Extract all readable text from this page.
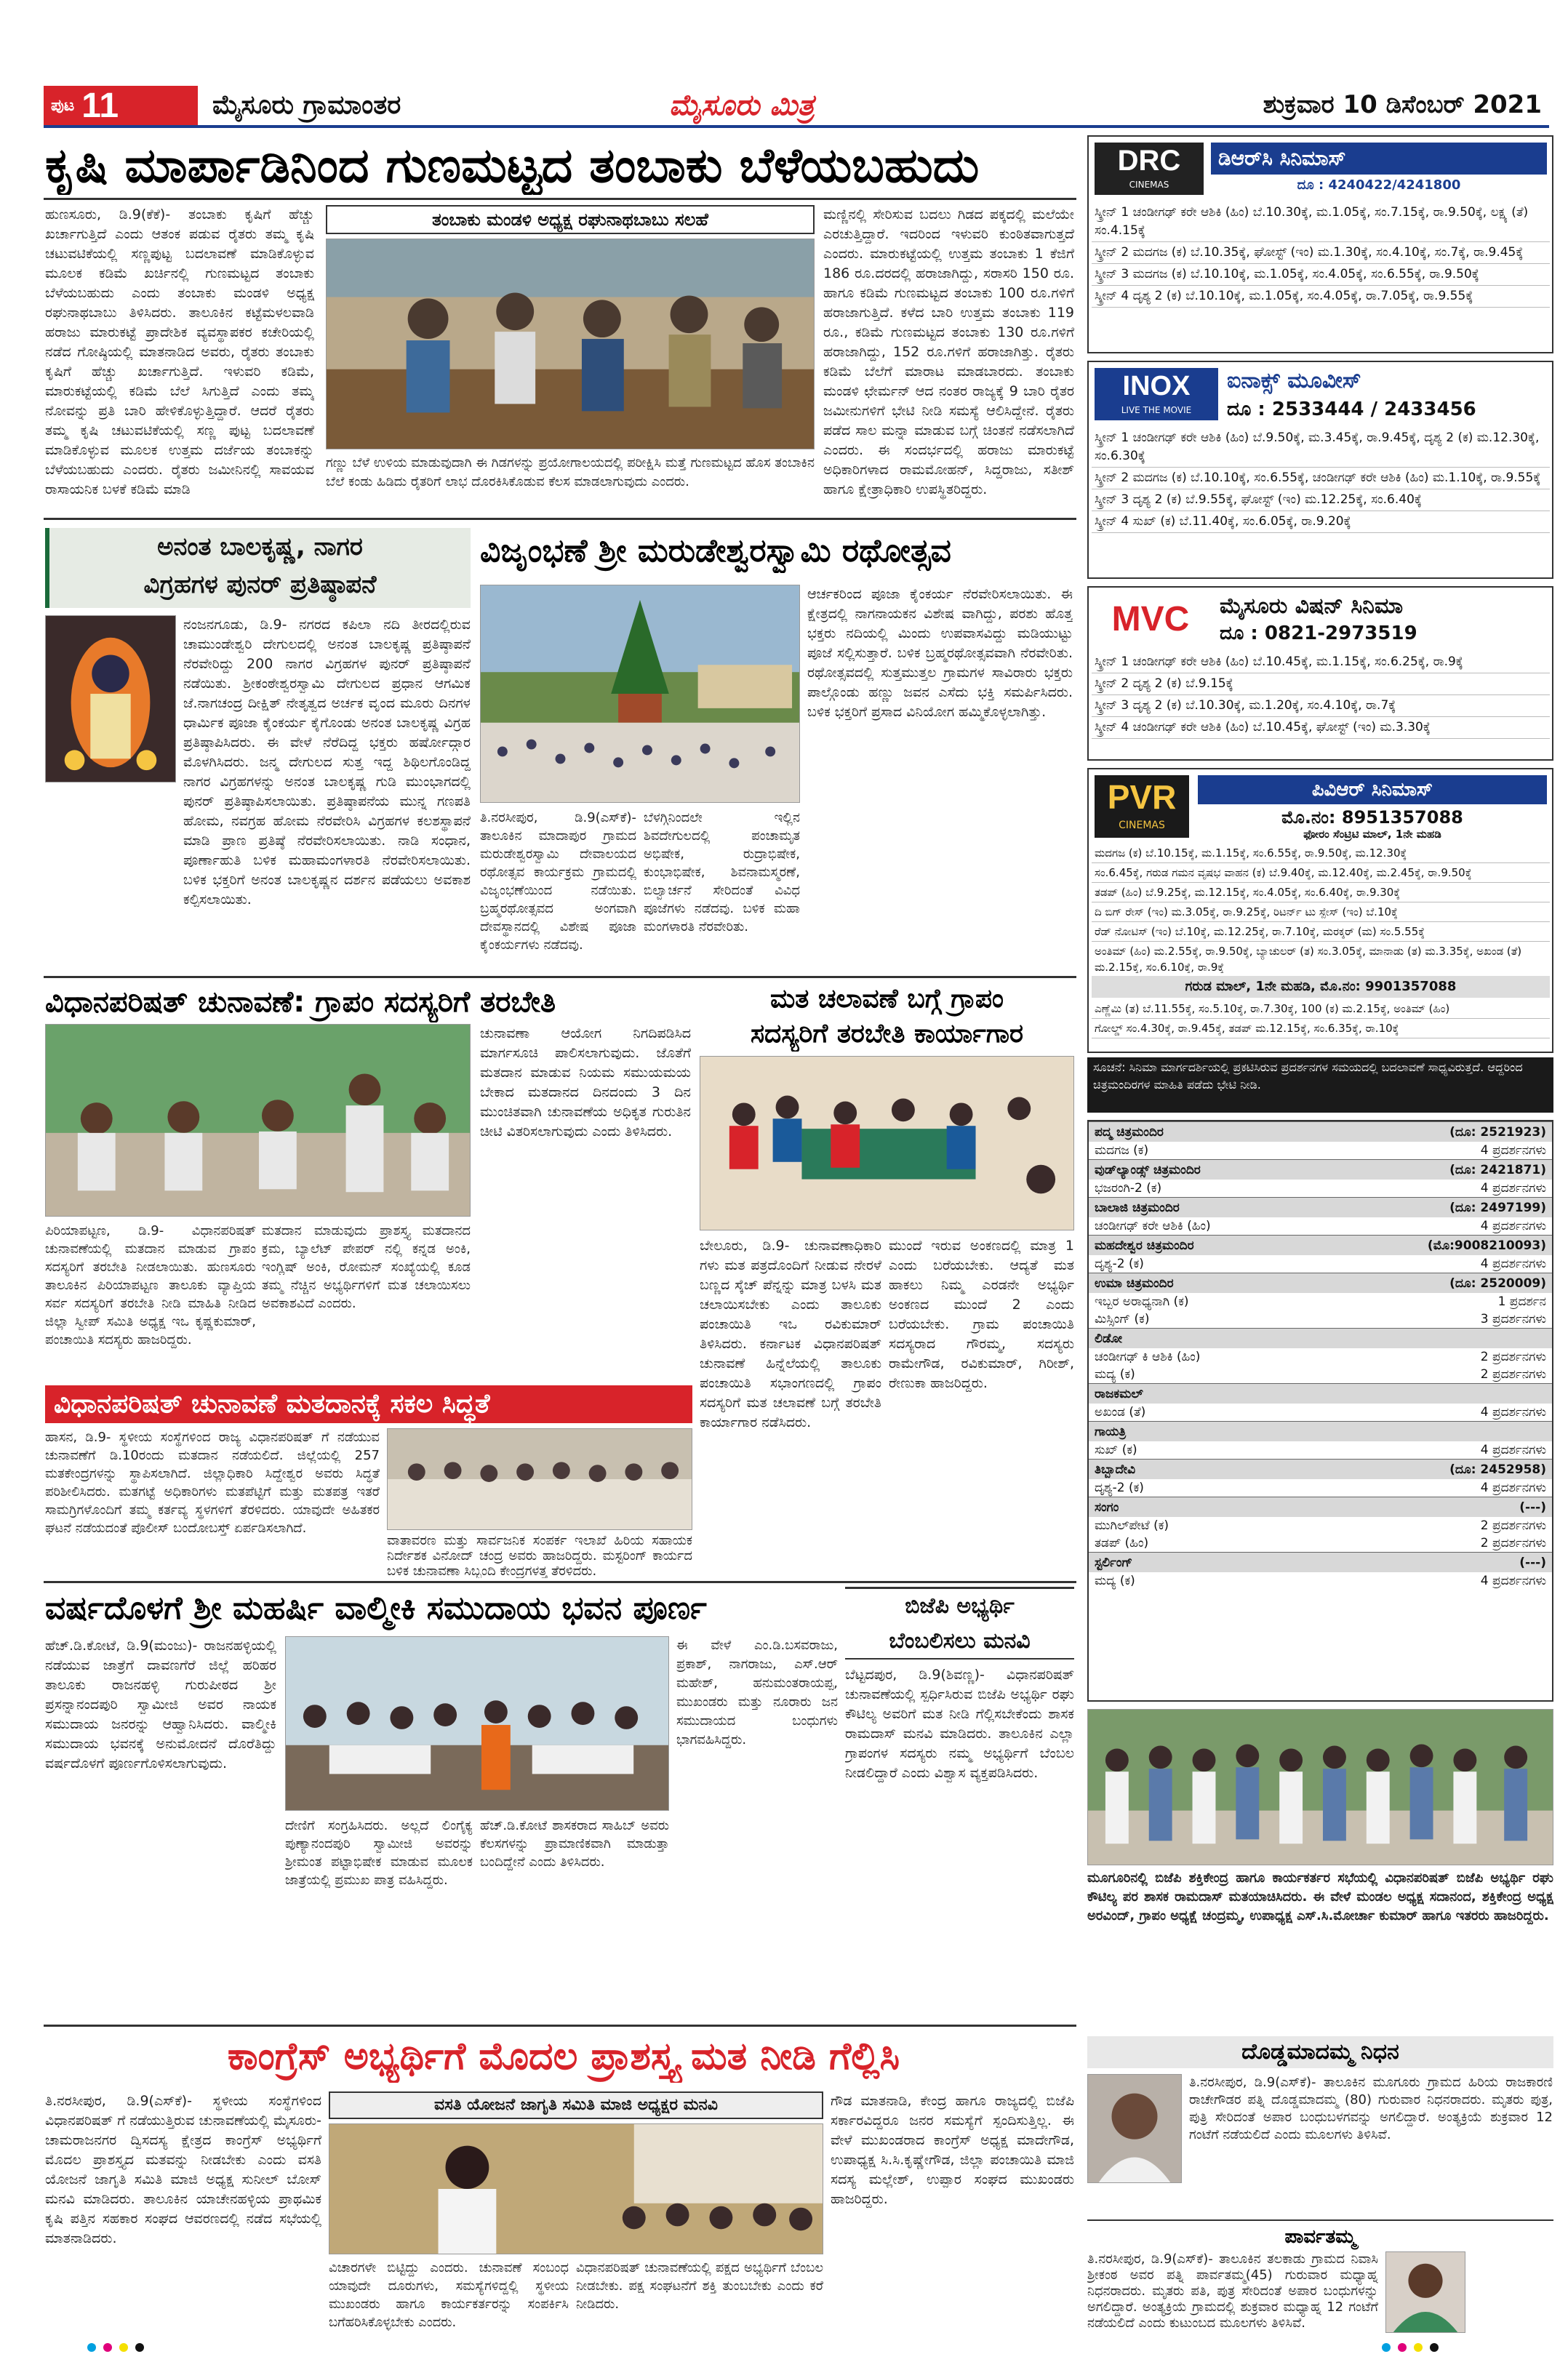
ಪುಟ 11	ಮೈಸೂರು ಗ್ರಾಮಾಂತರ	ಮೈಸೂರು ಮಿತ್ರ	ಶುಕ್ರವಾರ 10 ಡಿಸೆಂಬರ್ 2021
ಕೃಷಿ ಮಾರ್ಪಾಡಿನಿಂದ ಗುಣಮಟ್ಟದ ತಂಬಾಕು ಬೆಳೆಯಬಹುದು
ಹುಣಸೂರು, ಡಿ.9(ಕೆಕೆ)- ತಂಬಾಕು ಕೃಷಿಗೆ ಹೆಚ್ಚು ಖರ್ಚಾಗುತ್ತಿದೆ ಎಂದು ಆತಂಕ ಪಡುವ ರೈತರು ತಮ್ಮ ಕೃಷಿ ಚಟುವಟಿಕೆಯಲ್ಲಿ ಸಣ್ಣಪುಟ್ಟ ಬದಲಾವಣೆ ಮಾಡಿಕೊಳ್ಳುವ ಮೂಲಕ ಕಡಿಮೆ ಖರ್ಚಿನಲ್ಲಿ ಗುಣಮಟ್ಟದ ತಂಬಾಕು ಬೆಳೆಯಬಹುದು ಎಂದು ತಂಬಾಕು ಮಂಡಳಿ ಅಧ್ಯಕ್ಷ ರಘುನಾಥಬಾಬು ತಿಳಿಸಿದರು. ತಾಲೂಕಿನ ಕಟ್ಟೆಮಳಲವಾಡಿ ಹರಾಜು ಮಾರುಕಟ್ಟೆ ಪ್ರಾದೇಶಿಕ ವ್ಯವಸ್ಥಾಪಕರ ಕಚೇರಿಯಲ್ಲಿ ನಡೆದ ಗೋಷ್ಠಿಯಲ್ಲಿ ಮಾತನಾಡಿದ ಅವರು, ರೈತರು ತಂಬಾಕು ಕೃಷಿಗೆ ಹೆಚ್ಚು ಖರ್ಚಾಗುತ್ತಿದೆ. ಇಳುವರಿ ಕಡಿಮೆ, ಮಾರುಕಟ್ಟೆಯಲ್ಲಿ ಕಡಿಮೆ ಬೆಲೆ ಸಿಗುತ್ತಿದೆ ಎಂದು ತಮ್ಮ ನೋವನ್ನು ಪ್ರತಿ ಬಾರಿ ಹೇಳಿಕೊಳ್ಳುತ್ತಿದ್ದಾರೆ. ಆದರೆ ರೈತರು ತಮ್ಮ ಕೃಷಿ ಚಟುವಟಿಕೆಯಲ್ಲಿ ಸಣ್ಣ ಪುಟ್ಟ ಬದಲಾವಣೆ ಮಾಡಿಕೊಳ್ಳುವ ಮೂಲಕ ಉತ್ತಮ ದರ್ಜೆಯ ತಂಬಾಕನ್ನು ಬೆಳೆಯಬಹುದು ಎಂದರು. ರೈತರು ಜಮೀನಿನಲ್ಲಿ ಸಾವಯವ ರಾಸಾಯನಿಕ ಬಳಕೆ ಕಡಿಮೆ ಮಾಡಿ
ತಂಬಾಕು ಮಂಡಳಿ ಅಧ್ಯಕ್ಷ ರಘುನಾಥಬಾಬು ಸಲಹೆ
ಗಣ್ಣು ಬೆಳೆ ಉಳಿಯ ಮಾಡುವುದಾಗಿ ಈ ಗಿಡಗಳನ್ನು ಪ್ರಯೋಗಾಲಯದಲ್ಲಿ ಪರೀಕ್ಷಿಸಿ ಮತ್ತೆ ಗುಣಮಟ್ಟದ ಹೊಸ ತಂಬಾಕಿನ ಬೆಲೆ ಕಂಡು ಹಿಡಿದು ರೈತರಿಗೆ ಲಾಭ ದೊರಕಿಸಿಕೊಡುವ ಕೆಲಸ ಮಾಡಲಾಗುವುದು ಎಂದರು.
ಮಣ್ಣಿನಲ್ಲಿ ಸೇರಿಸುವ ಬದಲು ಗಿಡದ ಪಕ್ಕದಲ್ಲಿ ಮಲೆಯೇ ಎರಚುತ್ತಿದ್ದಾರೆ. ಇದರಿಂದ ಇಳುವರಿ ಕುಂಠಿತವಾಗುತ್ತದೆ ಎಂದರು. ಮಾರುಕಟ್ಟೆಯಲ್ಲಿ ಉತ್ತಮ ತಂಬಾಕು 1 ಕೆಜಿಗೆ 186 ರೂ.ದರದಲ್ಲಿ ಹರಾಜಾಗಿದ್ದು, ಸರಾಸರಿ 150 ರೂ. ಹಾಗೂ ಕಡಿಮೆ ಗುಣಮಟ್ಟದ ತಂಬಾಕು 100 ರೂ.ಗಳಿಗೆ ಹರಾಜಾಗುತ್ತಿದೆ. ಕಳೆದ ಬಾರಿ ಉತ್ತಮ ತಂಬಾಕು 119 ರೂ., ಕಡಿಮೆ ಗುಣಮಟ್ಟದ ತಂಬಾಕು 130 ರೂ.ಗಳಿಗೆ ಹರಾಜಾಗಿದ್ದು, 152 ರೂ.ಗಳಿಗೆ ಹರಾಜಾಗಿತ್ತು. ರೈತರು ಕಡಿಮೆ ಬೆಲೆಗೆ ಮಾರಾಟ ಮಾಡಬಾರದು. ತಂಬಾಕು ಮಂಡಳಿ ಛೇರ್ಮನ್ ಆದ ನಂತರ ರಾಜ್ಯಕ್ಕೆ 9 ಬಾರಿ ರೈತರ ಜಮೀನುಗಳಿಗೆ ಭೇಟಿ ನೀಡಿ ಸಮಸ್ಯೆ ಆಲಿಸಿದ್ದೇನೆ. ರೈತರು ಪಡೆದ ಸಾಲ ಮನ್ನಾ ಮಾಡುವ ಬಗ್ಗೆ ಚಿಂತನೆ ನಡೆಸಲಾಗಿದೆ ಎಂದರು. ಈ ಸಂದರ್ಭದಲ್ಲಿ ಹರಾಜು ಮಾರುಕಟ್ಟೆ ಅಧಿಕಾರಿಗಳಾದ ರಾಮಮೋಹನ್, ಸಿದ್ದರಾಜು, ಸತೀಶ್ ಹಾಗೂ ಕ್ಷೇತ್ರಾಧಿಕಾರಿ ಉಪಸ್ಥಿತರಿದ್ದರು.
ಅನಂತ ಬಾಲಕೃಷ್ಣ, ನಾಗರ
ವಿಗ್ರಹಗಳ ಪುನರ್ ಪ್ರತಿಷ್ಠಾಪನೆ
ನಂಜನಗೂಡು, ಡಿ.9- ನಗರದ ಕಪಿಲಾ ನದಿ ತೀರದಲ್ಲಿರುವ ಚಾಮುಂಡೇಶ್ವರಿ ದೇಗುಲದಲ್ಲಿ ಅನಂತ ಬಾಲಕೃಷ್ಣ ಪ್ರತಿಷ್ಠಾಪನೆ ನೆರವೇರಿದ್ದು 200 ನಾಗರ ವಿಗ್ರಹಗಳ ಪುನರ್ ಪ್ರತಿಷ್ಠಾಪನೆ ನಡೆಯಿತು. ಶ್ರೀಕಂಠೇಶ್ವರಸ್ವಾಮಿ ದೇಗುಲದ ಪ್ರಧಾನ ಆಗಮಿಕ ಜೆ.ನಾಗಚಂದ್ರ ದೀಕ್ಷಿತ್ ನೇತೃತ್ವದ ಅರ್ಚಕ ವೃಂದ ಮೂರು ದಿನಗಳ ಧಾರ್ಮಿಕ ಪೂಜಾ ಕೈಂಕರ್ಯ ಕೈಗೊಂಡು ಅನಂತ ಬಾಲಕೃಷ್ಣ ವಿಗ್ರಹ ಪ್ರತಿಷ್ಠಾಪಿಸಿದರು. ಈ ವೇಳೆ ನೆರೆದಿದ್ದ ಭಕ್ತರು ಹರ್ಷೋದ್ಗಾರ ಮೊಳಗಿಸಿದರು. ಜನ್ಮ ದೇಗುಲದ ಸುತ್ತ ಇದ್ದ ಶಿಥಿಲಗೊಂಡಿದ್ದ ನಾಗರ ವಿಗ್ರಹಗಳನ್ನು ಅನಂತ ಬಾಲಕೃಷ್ಣ ಗುಡಿ ಮುಂಭಾಗದಲ್ಲಿ ಪುನರ್ ಪ್ರತಿಷ್ಠಾಪಿಸಲಾಯಿತು. ಪ್ರತಿಷ್ಠಾಪನೆಯ ಮುನ್ನ ಗಣಪತಿ ಹೋಮ, ನವಗ್ರಹ ಹೋಮ ನೆರವೇರಿಸಿ ವಿಗ್ರಹಗಳ ಕಲಶಸ್ಥಾಪನೆ ಮಾಡಿ ಪ್ರಾಣ ಪ್ರತಿಷ್ಠೆ ನೆರವೇರಿಸಲಾಯಿತು. ನಾಡಿ ಸಂಧಾನ, ಪೂರ್ಣಾಹುತಿ ಬಳಿಕ ಮಹಾಮಂಗಳಾರತಿ ನೆರವೇರಿಸಲಾಯಿತು. ಬಳಿಕ ಭಕ್ತರಿಗೆ ಅನಂತ ಬಾಲಕೃಷ್ಣನ ದರ್ಶನ ಪಡೆಯಲು ಅವಕಾಶ ಕಲ್ಪಿಸಲಾಯಿತು.
ವಿಜೃಂಭಣೆ ಶ್ರೀ ಮರುಡೇಶ್ವರಸ್ವಾಮಿ ರಥೋತ್ಸವ
ತಿ.ನರಸೀಪುರ, ಡಿ.9(ಎಸ್‌ಕೆ)- ತಾಲೂಕಿನ ಮಾದಾಪುರ ಗ್ರಾಮದ ಮರುಡೇಶ್ವರಸ್ವಾಮಿ ದೇವಾಲಯದ ರಥೋತ್ಸವ ಕಾರ್ಯಕ್ರಮ ಗ್ರಾಮದಲ್ಲಿ ವಿಜೃಂಭಣೆಯಿಂದ ನಡೆಯಿತು. ಬ್ರಹ್ಮರಥೋತ್ಸವದ ಅಂಗವಾಗಿ ದೇವಸ್ಥಾನದಲ್ಲಿ ವಿಶೇಷ ಪೂಜಾ ಕೈಂಕರ್ಯಗಳು ನಡೆದವು.
ಬೆಳಗ್ಗಿನಿಂದಲೇ ಇಲ್ಲಿನ ಶಿವದೇಗುಲದಲ್ಲಿ ಪಂಚಾಮೃತ ಅಭಿಷೇಕ, ರುದ್ರಾಭಿಷೇಕ, ಕುಂಭಾಭಿಷೇಕ, ಶಿವನಾಮಸ್ಮರಣೆ, ಬಿಲ್ವಾರ್ಚನೆ ಸೇರಿದಂತೆ ವಿವಿಧ ಪೂಜೆಗಳು ನಡೆದವು. ಬಳಿಕ ಮಹಾ ಮಂಗಳಾರತಿ ನೆರವೇರಿತು.
ಆರ್ಚಕರಿಂದ ಪೂಜಾ ಕೈಂಕರ್ಯ ನೆರವೇರಿಸಲಾಯಿತು. ಈ ಕ್ಷೇತ್ರದಲ್ಲಿ ನಾಗನಾಯಕನ ವಿಶೇಷ ವಾಗಿದ್ದು, ಪರಶು ಹೊತ್ತ ಭಕ್ತರು ನದಿಯಲ್ಲಿ ಮಿಂದು ಉಪವಾಸವಿದ್ದು ಮಡಿಯುಟ್ಟು ಪೂಜೆ ಸಲ್ಲಿಸುತ್ತಾರೆ. ಬಳಿಕ ಬ್ರಹ್ಮರಥೋತ್ಸವವಾಗಿ ನೆರವೇರಿತು. ರಥೋತ್ಸವದಲ್ಲಿ ಸುತ್ತಮುತ್ತಲ ಗ್ರಾಮಗಳ ಸಾವಿರಾರು ಭಕ್ತರು ಪಾಲ್ಗೊಂಡು ಹಣ್ಣು ಜವನ ಎಸೆದು ಭಕ್ತಿ ಸಮರ್ಪಿಸಿದರು. ಬಳಿಕ ಭಕ್ತರಿಗೆ ಪ್ರಸಾದ ವಿನಿಯೋಗ ಹಮ್ಮಿಕೊಳ್ಳಲಾಗಿತ್ತು.
ವಿಧಾನಪರಿಷತ್ ಚುನಾವಣೆ: ಗ್ರಾಪಂ ಸದಸ್ಯರಿಗೆ ತರಬೇತಿ
ಪಿರಿಯಾಪಟ್ಟಣ, ಡಿ.9- ವಿಧಾನಪರಿಷತ್ ಚುನಾವಣೆಯಲ್ಲಿ ಮತದಾನ ಮಾಡುವ ಗ್ರಾಪಂ ಸದಸ್ಯರಿಗೆ ತರಬೇತಿ ನೀಡಲಾಯಿತು. ಹುಣಸೂರು ತಾಲೂಕಿನ ಪಿರಿಯಾಪಟ್ಟಣ ತಾಲೂಕು ವ್ಯಾಪ್ತಿಯ ಸರ್ವ ಸದಸ್ಯರಿಗೆ ತರಬೇತಿ ನೀಡಿ ಮಾಹಿತಿ ನೀಡಿದ ಜಿಲ್ಲಾ ಸ್ವೀಪ್ ಸಮಿತಿ ಅಧ್ಯಕ್ಷ ಇಒ ಕೃಷ್ಣಕುಮಾರ್, ಪಂಚಾಯಿತಿ ಸದಸ್ಯರು ಹಾಜರಿದ್ದರು.
ಮತದಾನ ಮಾಡುವುದು ಪ್ರಾಶಸ್ತ್ಯ ಮತದಾನದ ಕ್ರಮ, ಬ್ಯಾಲೆಟ್ ಪೇಪರ್ ನಲ್ಲಿ ಕನ್ನಡ ಅಂಕಿ, ಇಂಗ್ಲಿಷ್ ಅಂಕಿ, ರೋಮನ್ ಸಂಖ್ಯೆಯಲ್ಲಿ ಕೂಡ ತಮ್ಮ ನೆಚ್ಚಿನ ಅಭ್ಯರ್ಥಿಗಳಿಗೆ ಮತ ಚಲಾಯಿಸಲು ಅವಕಾಶವಿದೆ ಎಂದರು.
ಚುನಾವಣಾ ಆಯೋಗ ನಿಗದಿಪಡಿಸಿದ ಮಾರ್ಗಸೂಚಿ ಪಾಲಿಸಲಾಗುವುದು. ಜೊತೆಗೆ ಮತದಾನ ಮಾಡುವ ನಿಯಮ ಸಮುಯಮಯ ಬೇಕಾದ ಮತದಾನದ ದಿನದಂದು 3 ದಿನ ಮುಂಚಿತವಾಗಿ ಚುನಾವಣೆಯ ಅಧಿಕೃತ ಗುರುತಿನ ಚೀಟಿ ವಿತರಿಸಲಾಗುವುದು ಎಂದು ತಿಳಿಸಿದರು.
ವಿಧಾನಪರಿಷತ್ ಚುನಾವಣೆ ಮತದಾನಕ್ಕೆ ಸಕಲ ಸಿದ್ಧತೆ
ಹಾಸನ, ಡಿ.9- ಸ್ಥಳೀಯ ಸಂಸ್ಥೆಗಳಿಂದ ರಾಜ್ಯ ವಿಧಾನಪರಿಷತ್ ಗೆ ನಡೆಯುವ ಚುನಾವಣೆಗೆ ಡಿ.10ರಂದು ಮತದಾನ ನಡೆಯಲಿದೆ. ಜಿಲ್ಲೆಯಲ್ಲಿ 257 ಮತಕೇಂದ್ರಗಳನ್ನು ಸ್ಥಾಪಿಸಲಾಗಿದೆ. ಜಿಲ್ಲಾಧಿಕಾರಿ ಸಿದ್ದೇಶ್ವರ ಅವರು ಸಿದ್ಧತೆ ಪರಿಶೀಲಿಸಿದರು. ಮತಗಟ್ಟೆ ಅಧಿಕಾರಿಗಳು ಮತಪೆಟ್ಟಿಗೆ ಮತ್ತು ಮತಪತ್ರ ಇತರೆ ಸಾಮಗ್ರಿಗಳೊಂದಿಗೆ ತಮ್ಮ ಕರ್ತವ್ಯ ಸ್ಥಳಗಳಿಗೆ ತೆರಳಿದರು. ಯಾವುದೇ ಅಹಿತಕರ ಘಟನೆ ನಡೆಯದಂತೆ ಪೊಲೀಸ್ ಬಂದೋಬಸ್ತ್ ಏರ್ಪಡಿಸಲಾಗಿದೆ.
ವಾತಾವರಣ ಮತ್ತು ಸಾರ್ವಜನಿಕ ಸಂಪರ್ಕ ಇಲಾಖೆ ಹಿರಿಯ ಸಹಾಯಕ ನಿರ್ದೇಶಕ ವಿನೋದ್ ಚಂದ್ರ ಅವರು ಹಾಜರಿದ್ದರು. ಮಸ್ಟರಿಂಗ್ ಕಾರ್ಯದ ಬಳಿಕ ಚುನಾವಣಾ ಸಿಬ್ಬಂದಿ ಕೇಂದ್ರಗಳತ್ತ ತೆರಳಿದರು.
ಮತ ಚಲಾವಣೆ ಬಗ್ಗೆ ಗ್ರಾಪಂ
ಸದಸ್ಯರಿಗೆ ತರಬೇತಿ ಕಾರ್ಯಾಗಾರ
ಬೇಲೂರು, ಡಿ.9- ಚುನಾವಣಾಧಿಕಾರಿ ಗಳು ಮತ ಪತ್ರದೊಂದಿಗೆ ನೀಡುವ ನೇರಳೆ ಬಣ್ಣದ ಸ್ಕೆಚ್ ಪೆನ್ನನ್ನು ಮಾತ್ರ ಬಳಸಿ ಮತ ಚಲಾಯಿಸಬೇಕು ಎಂದು ತಾಲೂಕು ಪಂಚಾಯಿತಿ ಇಒ ರವಿಕುಮಾರ್ ತಿಳಿಸಿದರು. ಕರ್ನಾಟಕ ವಿಧಾನಪರಿಷತ್ ಚುನಾವಣೆ ಹಿನ್ನೆಲೆಯಲ್ಲಿ ತಾಲೂಕು ಪಂಚಾಯಿತಿ ಸಭಾಂಗಣದಲ್ಲಿ ಗ್ರಾಪಂ ಸದಸ್ಯರಿಗೆ ಮತ ಚಲಾವಣೆ ಬಗ್ಗೆ ತರಬೇತಿ ಕಾರ್ಯಾಗಾರ ನಡೆಸಿದರು.
ಮುಂದೆ ಇರುವ ಅಂಕಣದಲ್ಲಿ ಮಾತ್ರ 1 ಎಂದು ಬರೆಯಬೇಕು. ಆದ್ಯತೆ ಮತ ಹಾಕಲು ನಿಮ್ಮ ಎರಡನೇ ಅಭ್ಯರ್ಥಿ ಅಂಕಣದ ಮುಂದೆ 2 ಎಂದು ಬರೆಯಬೇಕು. ಗ್ರಾಮ ಪಂಚಾಯಿತಿ ಸದಸ್ಯರಾದ ಗೌರಮ್ಮ, ಸದಸ್ಯರು ರಾಮೇಗೌಡ, ರವಿಕುಮಾರ್, ಗಿರೀಶ್, ರೇಣುಕಾ ಹಾಜರಿದ್ದರು.
ವರ್ಷದೊಳಗೆ ಶ್ರೀ ಮಹರ್ಷಿ ವಾಲ್ಮೀಕಿ ಸಮುದಾಯ ಭವನ ಪೂರ್ಣ
ಹೆಚ್.ಡಿ.ಕೋಟೆ, ಡಿ.9(ಮಂಜು)- ರಾಜನಹಳ್ಳಿಯಲ್ಲಿ ನಡೆಯುವ ಜಾತ್ರೆಗೆ ದಾವಣಗೆರೆ ಜಿಲ್ಲೆ ಹರಿಹರ ತಾಲೂಕು ರಾಜನಹಳ್ಳಿ ಗುರುಪೀಠದ ಶ್ರೀ ಪ್ರಸನ್ನಾನಂದಪುರಿ ಸ್ವಾಮೀಜಿ ಅವರ ನಾಯಕ ಸಮುದಾಯ ಜನರನ್ನು ಆಹ್ವಾನಿಸಿದರು. ವಾಲ್ಮೀಕಿ ಸಮುದಾಯ ಭವನಕ್ಕೆ ಅನುಮೋದನೆ ದೊರೆತಿದ್ದು ವರ್ಷದೊಳಗೆ ಪೂರ್ಣಗೊಳಿಸಲಾಗುವುದು.
ದೇಣಿಗೆ ಸಂಗ್ರಹಿಸಿದರು. ಅಲ್ಲದೆ ಲಿಂಗೈಕ್ಯ ಪುಣ್ಯಾನಂದಪುರಿ ಸ್ವಾಮೀಜಿ ಅವರನ್ನು ಶ್ರೀಮಂತ ಪಟ್ಟಾಭಿಷೇಕ ಮಾಡುವ ಮೂಲಕ ಜಾತ್ರೆಯಲ್ಲಿ ಪ್ರಮುಖ ಪಾತ್ರ ವಹಿಸಿದ್ದರು.
ಹೆಚ್.ಡಿ.ಕೋಟೆ ಶಾಸಕರಾದ ಸಾಹಿಬ್ ಅವರು ಕೆಲಸಗಳನ್ನು ಪ್ರಾಮಾಣಿಕವಾಗಿ ಮಾಡುತ್ತಾ ಬಂದಿದ್ದೇನೆ ಎಂದು ತಿಳಿಸಿದರು.
ಈ ವೇಳೆ ಎಂ.ಡಿ.ಬಸವರಾಜು, ಪ್ರಕಾಶ್, ನಾಗರಾಜು, ಎಸ್.ಆರ್ ಮಹೇಶ್, ಹನುಮಂತರಾಯಪ್ಪ, ಮುಖಂಡರು ಮತ್ತು ನೂರಾರು ಜನ ಸಮುದಾಯದ ಬಂಧುಗಳು ಭಾಗವಹಿಸಿದ್ದರು.
ಬಿಜೆಪಿ ಅಭ್ಯರ್ಥಿ
ಬೆಂಬಲಿಸಲು ಮನವಿ
ಬೆಟ್ಟದಪುರ, ಡಿ.9(ಶಿವಣ್ಣ)- ವಿಧಾನಪರಿಷತ್ ಚುನಾವಣೆಯಲ್ಲಿ ಸ್ಪರ್ಧಿಸಿರುವ ಬಿಜೆಪಿ ಅಭ್ಯರ್ಥಿ ರಘು ಕೌಟಿಲ್ಯ ಅವರಿಗೆ ಮತ ನೀಡಿ ಗೆಲ್ಲಿಸಬೇಕೆಂದು ಶಾಸಕ ರಾಮದಾಸ್ ಮನವಿ ಮಾಡಿದರು. ತಾಲೂಕಿನ ಎಲ್ಲಾ ಗ್ರಾಪಂಗಳ ಸದಸ್ಯರು ನಮ್ಮ ಅಭ್ಯರ್ಥಿಗೆ ಬೆಂಬಲ ನೀಡಲಿದ್ದಾರೆ ಎಂದು ವಿಶ್ವಾಸ ವ್ಯಕ್ತಪಡಿಸಿದರು.
ಕಾಂಗ್ರೆಸ್ ಅಭ್ಯರ್ಥಿಗೆ ಮೊದಲ ಪ್ರಾಶಸ್ತ್ಯ ಮತ ನೀಡಿ ಗೆಲ್ಲಿಸಿ
ತಿ.ನರಸೀಪುರ, ಡಿ.9(ಎಸ್‌ಕೆ)- ಸ್ಥಳೀಯ ಸಂಸ್ಥೆಗಳಿಂದ ವಿಧಾನಪರಿಷತ್ ಗೆ ನಡೆಯುತ್ತಿರುವ ಚುನಾವಣೆಯಲ್ಲಿ ಮೈಸೂರು-ಚಾಮರಾಜನಗರ ದ್ವಿಸದಸ್ಯ ಕ್ಷೇತ್ರದ ಕಾಂಗ್ರೆಸ್ ಅಭ್ಯರ್ಥಿಗೆ ಮೊದಲ ಪ್ರಾಶಸ್ತ್ಯದ ಮತವನ್ನು ನೀಡಬೇಕು ಎಂದು ವಸತಿ ಯೋಜನೆ ಜಾಗೃತಿ ಸಮಿತಿ ಮಾಜಿ ಅಧ್ಯಕ್ಷ ಸುನೀಲ್ ಬೋಸ್ ಮನವಿ ಮಾಡಿದರು. ತಾಲೂಕಿನ ಯಾಚೇನಹಳ್ಳಿಯ ಪ್ರಾಥಮಿಕ ಕೃಷಿ ಪತ್ತಿನ ಸಹಕಾರ ಸಂಘದ ಆವರಣದಲ್ಲಿ ನಡೆದ ಸಭೆಯಲ್ಲಿ ಮಾತನಾಡಿದರು.
ವಸತಿ ಯೋಜನೆ ಜಾಗೃತಿ ಸಮಿತಿ ಮಾಜಿ ಅಧ್ಯಕ್ಷರ ಮನವಿ
ವಿಚಾರಗಳೇ ಬಿಟ್ಟಿದ್ದು ಎಂದರು. ಚುನಾವಣೆ ಸಂಬಂಧ ಯಾವುದೇ ದೂರುಗಳು, ಸಮಸ್ಯೆಗಳಿದ್ದಲ್ಲಿ ಸ್ಥಳೀಯ ಮುಖಂಡರು ಹಾಗೂ ಕಾರ್ಯಕರ್ತರನ್ನು ಸಂಪರ್ಕಿಸಿ ಬಗೆಹರಿಸಿಕೊಳ್ಳಬೇಕು ಎಂದರು.
ವಿಧಾನಪರಿಷತ್ ಚುನಾವಣೆಯಲ್ಲಿ ಪಕ್ಷದ ಅಭ್ಯರ್ಥಿಗೆ ಬೆಂಬಲ ನೀಡಬೇಕು. ಪಕ್ಷ ಸಂಘಟನೆಗೆ ಶಕ್ತಿ ತುಂಬಬೇಕು ಎಂದು ಕರೆ ನೀಡಿದರು.
ಗೌಡ ಮಾತನಾಡಿ, ಕೇಂದ್ರ ಹಾಗೂ ರಾಜ್ಯದಲ್ಲಿ ಬಿಜೆಪಿ ಸರ್ಕಾರವಿದ್ದರೂ ಜನರ ಸಮಸ್ಯೆಗೆ ಸ್ಪಂದಿಸುತ್ತಿಲ್ಲ. ಈ ವೇಳೆ ಮುಖಂಡರಾದ ಕಾಂಗ್ರೆಸ್ ಅಧ್ಯಕ್ಷ ಮಾದೇಗೌಡ, ಉಪಾಧ್ಯಕ್ಷ ಸಿ.ಸಿ.ಕೃಷ್ಣೇಗೌಡ, ಜಿಲ್ಲಾ ಪಂಚಾಯಿತಿ ಮಾಜಿ ಸದಸ್ಯ ಮಲ್ಲೇಶ್, ಉಪ್ಪಾರ ಸಂಘದ ಮುಖಂಡರು ಹಾಜರಿದ್ದರು.
DRC
CINEMAS
ಡಿಆರ್‌ಸಿ ಸಿನಿಮಾಸ್
ದೂ : 4240422/4241800
ಸ್ಕ್ರೀನ್ 1 ಚಂಡೀಗಢ್ ಕರೇ ಆಶಿಕಿ (ಹಿಂ) ಬೆ.10.30ಕ್ಕೆ, ಮ.1.05ಕ್ಕೆ, ಸಂ.7.15ಕ್ಕೆ, ರಾ.9.50ಕ್ಕೆ, ಲಕ್ಷ್ಯ (ತೆ) ಸಂ.4.15ಕ್ಕೆ
ಸ್ಕ್ರೀನ್ 2 ಮದಗಜ (ಕ) ಬೆ.10.35ಕ್ಕೆ, ಘೋಸ್ಟ್ (ಇಂ) ಮ.1.30ಕ್ಕೆ, ಸಂ.4.10ಕ್ಕೆ, ಸಂ.7ಕ್ಕೆ, ರಾ.9.45ಕ್ಕೆ
ಸ್ಕ್ರೀನ್ 3 ಮದಗಜ (ಕ) ಬೆ.10.10ಕ್ಕೆ, ಮ.1.05ಕ್ಕೆ, ಸಂ.4.05ಕ್ಕೆ, ಸಂ.6.55ಕ್ಕೆ, ರಾ.9.50ಕ್ಕೆ
ಸ್ಕ್ರೀನ್ 4 ದೃಶ್ಯ 2 (ಕ) ಬೆ.10.10ಕ್ಕೆ, ಮ.1.05ಕ್ಕೆ, ಸಂ.4.05ಕ್ಕೆ, ರಾ.7.05ಕ್ಕೆ, ರಾ.9.55ಕ್ಕೆ
INOX
LIVE THE MOVIE
ಐನಾಕ್ಸ್ ಮೂವೀಸ್
ದೂ : 2533444 / 2433456
ಸ್ಕ್ರೀನ್ 1 ಚಂಡೀಗಢ್ ಕರೇ ಆಶಿಕಿ (ಹಿಂ) ಬೆ.9.50ಕ್ಕೆ, ಮ.3.45ಕ್ಕೆ, ರಾ.9.45ಕ್ಕೆ, ದೃಶ್ಯ 2 (ಕ) ಮ.12.30ಕ್ಕೆ, ಸಂ.6.30ಕ್ಕೆ
ಸ್ಕ್ರೀನ್ 2 ಮದಗಜ (ಕ) ಬೆ.10.10ಕ್ಕೆ, ಸಂ.6.55ಕ್ಕೆ, ಚಂಡೀಗಢ್ ಕರೇ ಆಶಿಕಿ (ಹಿಂ) ಮ.1.10ಕ್ಕೆ, ರಾ.9.55ಕ್ಕೆ
ಸ್ಕ್ರೀನ್ 3 ದೃಶ್ಯ 2 (ಕ) ಬೆ.9.55ಕ್ಕೆ, ಘೋಸ್ಟ್ (ಇಂ) ಮ.12.25ಕ್ಕೆ, ಸಂ.6.40ಕ್ಕೆ
ಸ್ಕ್ರೀನ್ 4 ಸುಖ್ (ಕ) ಬೆ.11.40ಕ್ಕೆ, ಸಂ.6.05ಕ್ಕೆ, ರಾ.9.20ಕ್ಕೆ
MVC	ಮೈಸೂರು ವಿಷನ್ ಸಿನಿಮಾ
ದೂ : 0821-2973519
ಸ್ಕ್ರೀನ್ 1 ಚಂಡೀಗಢ್ ಕರೇ ಆಶಿಕಿ (ಹಿಂ) ಬೆ.10.45ಕ್ಕೆ, ಮ.1.15ಕ್ಕೆ, ಸಂ.6.25ಕ್ಕೆ, ರಾ.9ಕ್ಕೆ
ಸ್ಕ್ರೀನ್ 2 ದೃಶ್ಯ 2 (ಕ) ಬೆ.9.15ಕ್ಕೆ
ಸ್ಕ್ರೀನ್ 3 ದೃಶ್ಯ 2 (ಕ) ಬೆ.10.30ಕ್ಕೆ, ಮ.1.20ಕ್ಕೆ, ಸಂ.4.10ಕ್ಕೆ, ರಾ.7ಕ್ಕೆ
ಸ್ಕ್ರೀನ್ 4 ಚಂಡೀಗಢ್ ಕರೇ ಆಶಿಕಿ (ಹಿಂ) ಬೆ.10.45ಕ್ಕೆ, ಘೋಸ್ಟ್ (ಇಂ) ಮ.3.30ಕ್ಕೆ
PVR
CINEMAS
ಪಿವಿಆರ್ ಸಿನಿಮಾಸ್
ಮೊ.ನಂ: 8951357088
ಫೋರಂ ಸೆಂಟ್ರಿಟಿ ಮಾಲ್, 1ನೇ ಮಹಡಿ
ಮದಗಜ (ಕ) ಬೆ.10.15ಕ್ಕೆ, ಮ.1.15ಕ್ಕೆ, ಸಂ.6.55ಕ್ಕೆ, ರಾ.9.50ಕ್ಕೆ, ಮ.12.30ಕ್ಕೆ
ಸಂ.6.45ಕ್ಕೆ, ಗರುಡ ಗಮನ ವೃಷಭ ವಾಹನ (ಕ) ಬೆ.9.40ಕ್ಕೆ, ಮ.12.40ಕ್ಕೆ, ಮ.2.45ಕ್ಕೆ, ರಾ.9.50ಕ್ಕೆ
ತಡಪ್ (ಹಿಂ) ಬೆ.9.25ಕ್ಕೆ, ಮ.12.15ಕ್ಕೆ, ಸಂ.4.05ಕ್ಕೆ, ಸಂ.6.40ಕ್ಕೆ, ರಾ.9.30ಕ್ಕೆ
ದಿ ಬಿಗ್ ರೇಸ್ (ಇಂ) ಮ.3.05ಕ್ಕೆ, ರಾ.9.25ಕ್ಕೆ, ರಿಟರ್ನ್ ಟು ಸ್ಪೇಸ್ (ಇಂ) ಬೆ.10ಕ್ಕೆ
ರೆಡ್ ನೋಟಿಸ್ (ಇಂ) ಬೆ.10ಕ್ಕೆ, ಮ.12.25ಕ್ಕೆ, ರಾ.7.10ಕ್ಕೆ, ಮರಕ್ಕರ್ (ಮ) ಸಂ.5.55ಕ್ಕೆ
ಅಂತಿಮ್ (ಹಿಂ) ಮ.2.55ಕ್ಕೆ, ರಾ.9.50ಕ್ಕೆ, ಬ್ಯಾಚುಲರ್ (ತ) ಸಂ.3.05ಕ್ಕೆ, ಮಾನಾಡು (ತ) ಮ.3.35ಕ್ಕೆ, ಅಖಂಡ (ತೆ) ಮ.2.15ಕ್ಕೆ, ಸಂ.6.10ಕ್ಕೆ, ರಾ.9ಕ್ಕೆ
ಗರುಡ ಮಾಲ್, 1ನೇ ಮಹಡಿ, ಮೊ.ನಂ: 9901357088
ಎಣ್ಣೆಮಿ (ತ) ಬೆ.11.55ಕ್ಕೆ, ಸಂ.5.10ಕ್ಕೆ, ರಾ.7.30ಕ್ಕೆ, 100 (ಕ) ಮ.2.15ಕ್ಕೆ, ಅಂತಿಮ್ (ಹಿಂ)
ಗೋಲ್ಡ್ ಸಂ.4.30ಕ್ಕೆ, ರಾ.9.45ಕ್ಕೆ, ತಡಪ್ ಮ.12.15ಕ್ಕೆ, ಸಂ.6.35ಕ್ಕೆ, ರಾ.10ಕ್ಕೆ
ಸೂಚನೆ: ಸಿನಿಮಾ ಮಾರ್ಗದರ್ಶಿಯಲ್ಲಿ ಪ್ರಕಟಿಸಿರುವ ಪ್ರದರ್ಶನಗಳ ಸಮಯದಲ್ಲಿ ಬದಲಾವಣೆ ಸಾಧ್ಯವಿರುತ್ತದೆ. ಆದ್ದರಿಂದ ಚಿತ್ರಮಂದಿರಗಳ ಮಾಹಿತಿ ಪಡೆದು ಭೇಟಿ ನೀಡಿ.
ಪದ್ಮ ಚಿತ್ರಮಂದಿರ	(ದೂ: 2521923)
ಮದಗಜ (ಕ)	4 ಪ್ರದರ್ಶನಗಳು
ವುಡ್‌ಲ್ಯಾಂಡ್ಸ್ ಚಿತ್ರಮಂದಿರ	(ದೂ: 2421871)
ಭಜರಂಗಿ-2 (ಕ)	4 ಪ್ರದರ್ಶನಗಳು
ಬಾಲಾಜಿ ಚಿತ್ರಮಂದಿರ	(ದೂ: 2497199)
ಚಂಡೀಗಢ್ ಕರೇ ಆಶಿಕಿ (ಹಿಂ)	4 ಪ್ರದರ್ಶನಗಳು
ಮಹದೇಶ್ವರ ಚಿತ್ರಮಂದಿರ	(ಮೊ:9008210093)
ದೃಶ್ಯ-2 (ಕ)	4 ಪ್ರದರ್ಶನಗಳು
ಉಮಾ ಚಿತ್ರಮಂದಿರ	(ದೂ: 2520009)
ಇಬ್ಬರ ಅರಾಧ್ಯನಾಗಿ (ಕ)	1 ಪ್ರದರ್ಶನ
ಮಿಸ್ಸಿಂಗ್ (ಕ)	3 ಪ್ರದರ್ಶನಗಳು
ಲಿಡೋ
ಚಂಡೀಗಢ್ ಕಿ ಆಶಿಕಿ (ಹಿಂ)	2 ಪ್ರದರ್ಶನಗಳು
ಮದ್ಯ (ಕ)	2 ಪ್ರದರ್ಶನಗಳು
ರಾಜಕಮಲ್
ಅಖಂಡ (ತೆ)	4 ಪ್ರದರ್ಶನಗಳು
ಗಾಯತ್ರಿ
ಸುಖ್ (ಕ)	4 ಪ್ರದರ್ಶನಗಳು
ತಿಬ್ಬಾದೇವಿ	(ದೂ: 2452958)
ದೃಶ್ಯ-2 (ಕ)	4 ಪ್ರದರ್ಶನಗಳು
ಸಂಗಂ	(---)
ಮುಗಿಲ್‌ಪೇಟೆ (ಕ)	2 ಪ್ರದರ್ಶನಗಳು
ತಡಪ್ (ಹಿಂ)	2 ಪ್ರದರ್ಶನಗಳು
ಸ್ಟರ್ಲಿಂಗ್	(---)
ಮದ್ಯ (ಕ)	4 ಪ್ರದರ್ಶನಗಳು
ಮೂಗೂರಿನಲ್ಲಿ ಬಿಜೆಪಿ ಶಕ್ತಿಕೇಂದ್ರ ಹಾಗೂ ಕಾರ್ಯಕರ್ತರ ಸಭೆಯಲ್ಲಿ ವಿಧಾನಪರಿಷತ್ ಬಿಜೆಪಿ ಅಭ್ಯರ್ಥಿ ರಘು ಕೌಟಿಲ್ಯ ಪರ ಶಾಸಕ ರಾಮದಾಸ್ ಮತಯಾಚಿಸಿದರು. ಈ ವೇಳೆ ಮಂಡಲ ಅಧ್ಯಕ್ಷ ಸದಾನಂದ, ಶಕ್ತಿಕೇಂದ್ರ ಅಧ್ಯಕ್ಷ ಅರವಿಂದ್, ಗ್ರಾಪಂ ಅಧ್ಯಕ್ಷೆ ಚಂದ್ರಮ್ಮ, ಉಪಾಧ್ಯಕ್ಷ ಎಸ್.ಸಿ.ಮೋರ್ಚಾ ಕುಮಾರ್ ಹಾಗೂ ಇತರರು ಹಾಜರಿದ್ದರು.
ದೊಡ್ಡಮಾದಮ್ಮ ನಿಧನ
ತಿ.ನರಸೀಪುರ, ಡಿ.9(ಎಸ್‌ಕೆ)- ತಾಲೂಕಿನ ಮೂಗೂರು ಗ್ರಾಮದ ಹಿರಿಯ ರಾಜಕಾರಣಿ ರಾಚೇಗೌಡರ ಪತ್ನಿ ದೊಡ್ಡಮಾದಮ್ಮ (80) ಗುರುವಾರ ನಿಧನರಾದರು. ಮೃತರು ಪುತ್ರ, ಪುತ್ರಿ ಸೇರಿದಂತೆ ಅಪಾರ ಬಂಧುಬಳಗವನ್ನು ಅಗಲಿದ್ದಾರೆ. ಅಂತ್ಯಕ್ರಿಯೆ ಶುಕ್ರವಾರ 12 ಗಂಟೆಗೆ ನಡೆಯಲಿದೆ ಎಂದು ಮೂಲಗಳು ತಿಳಿಸಿವೆ.
ಪಾರ್ವತಮ್ಮ
ತಿ.ನರಸೀಪುರ, ಡಿ.9(ಎಸ್‌ಕೆ)- ತಾಲೂಕಿನ ತಲಕಾಡು ಗ್ರಾಮದ ನಿವಾಸಿ ಶ್ರೀಕಂಠ ಅವರ ಪತ್ನಿ ಪಾರ್ವತಮ್ಮ(45) ಗುರುವಾರ ಮಧ್ಯಾಹ್ನ ನಿಧನರಾದರು. ಮೃತರು ಪತಿ, ಪುತ್ರ ಸೇರಿದಂತೆ ಅಪಾರ ಬಂಧುಗಳನ್ನು ಅಗಲಿದ್ದಾರೆ. ಅಂತ್ಯಕ್ರಿಯೆ ಗ್ರಾಮದಲ್ಲಿ ಶುಕ್ರವಾರ ಮಧ್ಯಾಹ್ನ 12 ಗಂಟೆಗೆ ನಡೆಯಲಿದೆ ಎಂದು ಕುಟುಂಬದ ಮೂಲಗಳು ತಿಳಿಸಿವೆ.
